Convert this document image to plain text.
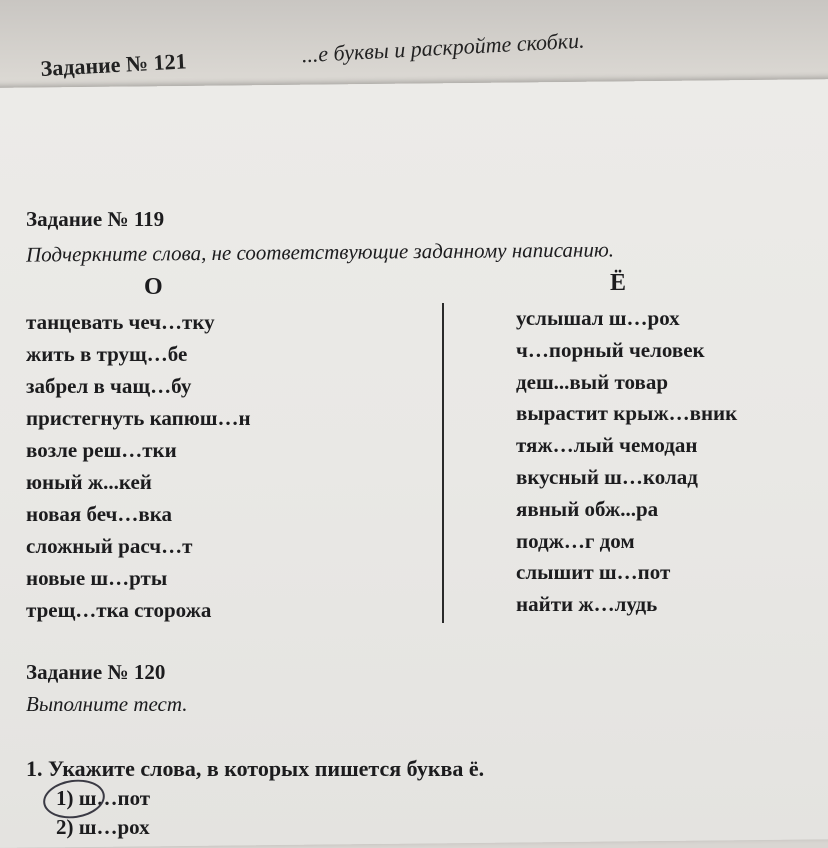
Задание № 121	...е буквы и раскройте скобки.
Задание № 119
Подчеркните слова, не соответствующие заданному написанию.
О	Ё
танцевать чеч…тку
жить в трущ…бе
забрел в чащ…бу
пристегнуть капюш…н
возле реш…тки
юный ж...кей
новая беч…вка
сложный расч…т
новые ш…рты
трещ…тка сторожа
услышал ш…рох
ч…порный человек
деш...вый товар
вырастит крыж…вник
тяж…лый чемодан
вкусный ш…колад
явный обж...ра
подж…г дом
слышит ш…пот
найти ж…лудь
Задание № 120
Выполните тест.
1. Укажите слова, в которых пишется буква ё.
1) ш…пот
2) ш…рох
